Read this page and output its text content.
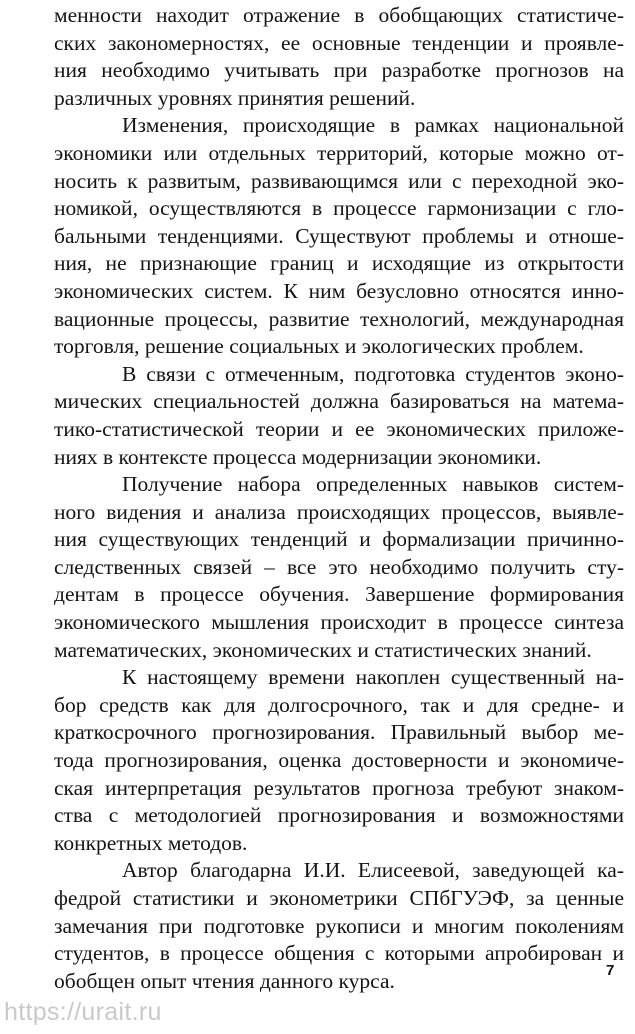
менности находит отражение в обобщающих статистиче-
ских закономерностях, ее основные тенденции и проявле-
ния необходимо учитывать при разработке прогнозов на
различных уровнях принятия решений.
Изменения, происходящие в рамках национальной
экономики или отдельных территорий, которые можно от-
носить к развитым, развивающимся или с переходной эко-
номикой, осуществляются в процессе гармонизации с гло-
бальными тенденциями. Существуют проблемы и отноше-
ния, не признающие границ и исходящие из открытости
экономических систем. К ним безусловно относятся инно-
вационные процессы, развитие технологий, международная
торговля, решение социальных и экологических проблем.
В связи с отмеченным, подготовка студентов эконо-
мических специальностей должна базироваться на матема-
тико-статистической теории и ее экономических приложе-
ниях в контексте процесса модернизации экономики.
Получение набора определенных навыков систем-
ного видения и анализа происходящих процессов, выявле-
ния существующих тенденций и формализации причинно-
следственных связей – все это необходимо получить сту-
дентам в процессе обучения. Завершение формирования
экономического мышления происходит в процессе синтеза
математических, экономических и статистических знаний.
К настоящему времени накоплен существенный на-
бор средств как для долгосрочного, так и для средне- и
краткосрочного прогнозирования. Правильный выбор ме-
тода прогнозирования, оценка достоверности и экономиче-
ская интерпретация результатов прогноза требуют знаком-
ства с методологией прогнозирования и возможностями
конкретных методов.
Автор благодарна И.И. Елисеевой, заведующей ка-
федрой статистики и эконометрики СПбГУЭФ, за ценные
замечания при подготовке рукописи и многим поколениям
студентов, в процессе общения с которыми апробирован и
обобщен опыт чтения данного курса.	7
https://urait.ru
